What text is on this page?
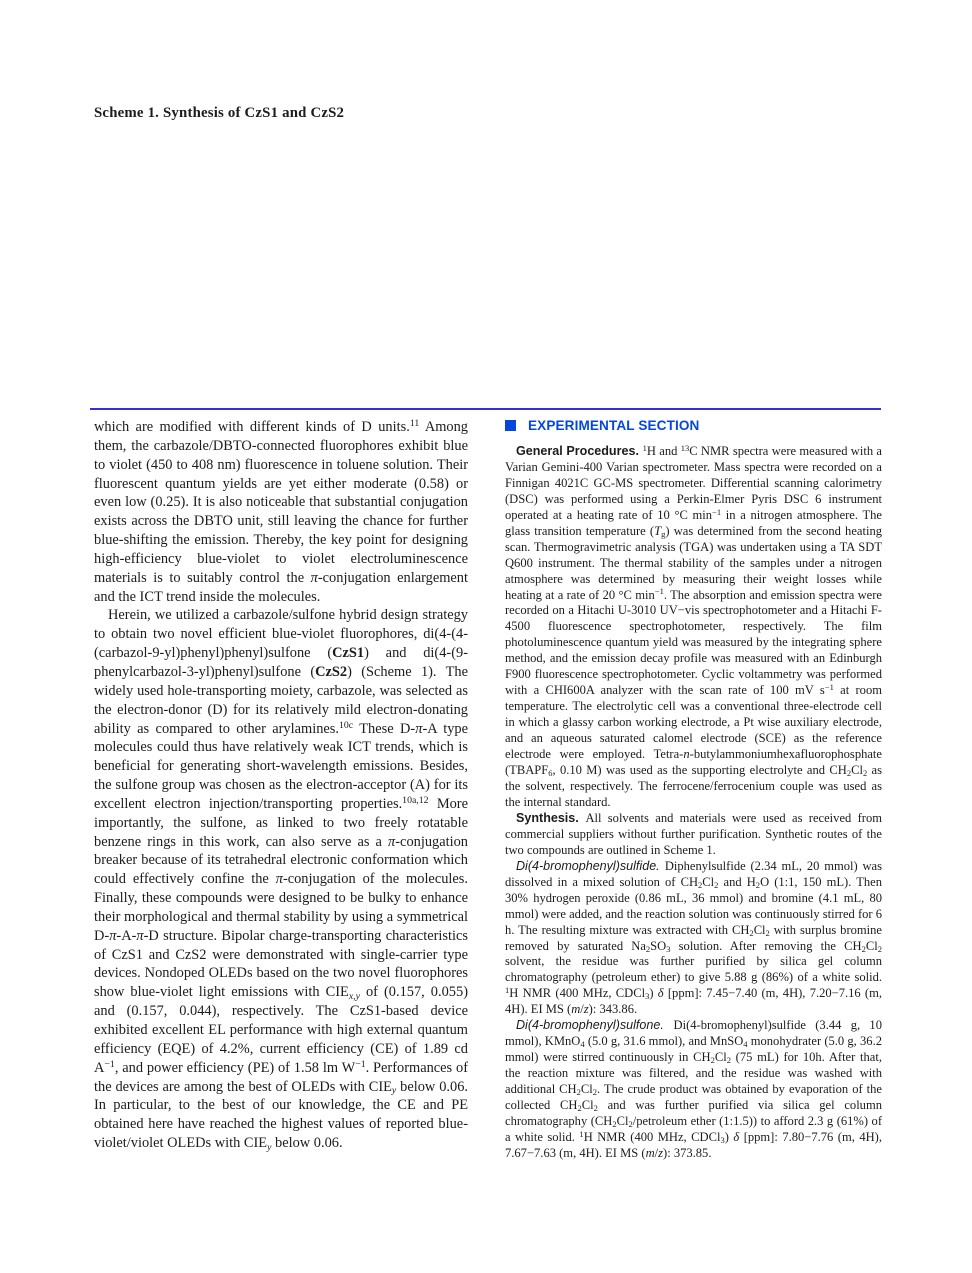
Scheme 1. Synthesis of CzS1 and CzS2

which are modified with different kinds of D units.$^{11}$ Among them, the carbazole/DBTO-connected fluorophores exhibit blue to violet (450 to 408 nm) fluorescence in toluene solution. Their fluorescent quantum yields are yet either moderate (0.58) or even low (0.25). It is also noticeable that substantial conjugation exists across the DBTO unit, still leaving the chance for further blue-shifting the emission. Thereby, the key point for designing high-efficiency blue-violet to violet electroluminescence materials is to suitably control the π-conjugation enlargement and the ICT trend inside the molecules.

Herein, we utilized a carbazole/sulfone hybrid design strategy to obtain two novel efficient blue-violet fluorophores, di(4-(4-(carbazol-9-yl)phenyl)phenyl)sulfone (CzS1) and di(4-(9-phenylcarbazol-3-yl)phenyl)sulfone (CzS2) (Scheme 1). The widely used hole-transporting moiety, carbazole, was selected as the electron-donor (D) for its relatively mild electron-donating ability as compared to other arylamines.$^{10c}$ These D-π-A type molecules could thus have relatively weak ICT trends, which is beneficial for generating short-wavelength emissions. Besides, the sulfone group was chosen as the electron-acceptor (A) for its excellent electron injection/transporting properties.$^{10a,12}$ More importantly, the sulfone, as linked to two freely rotatable benzene rings in this work, can also serve as a π-conjugation breaker because of its tetrahedral electronic conformation which could effectively confine the π-conjugation of the molecules. Finally, these compounds were designed to be bulky to enhance their morphological and thermal stability by using a symmetrical D-π-A-π-D structure. Bipolar charge-transporting characteristics of CzS1 and CzS2 were demonstrated with single-carrier type devices. Nondoped OLEDs based on the two novel fluorophores show blue-violet light emissions with $CIE_{x,y}$ of (0.157, 0.055) and (0.157, 0.044), respectively. The CzS1-based device exhibited excellent EL performance with high external quantum efficiency (EQE) of 4.2%, current efficiency (CE) of 1.89 cd $A^{-1}$, and power efficiency (PE) of 1.58 lm $W^{-1}$. Performances of the devices are among the best of OLEDs with $CIE_y$ below 0.06. In particular, to the best of our knowledge, the CE and PE obtained here have reached the highest values of reported blue-violet/violet OLEDs with $CIE_y$ below 0.06.

EXPERIMENTAL SECTION

General Procedures. $^1$H and $^{13}$C NMR spectra were measured with a Varian Gemini-400 Varian spectrometer. Mass spectra were recorded on a Finnigan 4021C GC-MS spectrometer. Differential scanning calorimetry (DSC) was performed using a Perkin-Elmer Pyris DSC 6 instrument operated at a heating rate of 10 °C $\min^{-1}$ in a nitrogen atmosphere. The glass transition temperature $(T_g)$ was determined from the second heating scan. Thermogravimetric analysis (TGA) was undertaken using a TA SDT Q600 instrument. The thermal stability of the samples under a nitrogen atmosphere was determined by measuring their weight losses while heating at a rate of 20 °C $\min^{-1}$. The absorption and emission spectra were recorded on a Hitachi U-3010 UV−vis spectrophotometer and a Hitachi F-4500 fluorescence spectrophotometer, respectively. The film photoluminescence quantum yield was measured by the integrating sphere method, and the emission decay profile was measured with an Edinburgh F900 fluorescence spectrophotometer. Cyclic voltammetry was performed with a CHI600A analyzer with the scan rate of 100 mV $s^{-1}$ at room temperature. The electrolytic cell was a conventional three-electrode cell in which a glassy carbon working electrode, a Pt wise auxiliary electrode, and an aqueous saturated calomel electrode (SCE) as the reference electrode were employed. Tetra-n-butylammoniumhexafluorophosphate ($TBAPF_6$, 0.10 M) was used as the supporting electrolyte and $CH_2Cl_2$ as the solvent, respectively. The ferrocene/ferrocenium couple was used as the internal standard.

Synthesis. All solvents and materials were used as received from commercial suppliers without further purification. Synthetic routes of the two compounds are outlined in Scheme 1.

Di(4-bromophenyl)sulfide. Diphenylsulfide (2.34 mL, 20 mmol) was dissolved in a mixed solution of $CH_2Cl_2$ and $H_2O$ (1:1, 150 mL). Then 30% hydrogen peroxide (0.86 mL, 36 mmol) and bromine (4.1 mL, 80 mmol) were added, and the reaction solution was continuously stirred for 6 h. The resulting mixture was extracted with $CH_2Cl_2$ with surplus bromine removed by saturated $Na_2SO_3$ solution. After removing the $CH_2Cl_2$ solvent, the residue was further purified by silica gel column chromatography (petroleum ether) to give 5.88 g (86%) of a white solid. $^1$H NMR (400 MHz, CDCl$_3$) δ [ppm]: 7.45−7.40 (m, 4H), 7.20−7.16 (m, 4H). EI MS (m/z): 343.86.

Di(4-bromophenyl)sulfone. Di(4-bromophenyl)sulfide (3.44 g, 10 mmol), KMnO$_4$ (5.0 g, 31.6 mmol), and MnSO$_4$ monohydrater (5.0 g, 36.2 mmol) were stirred continuously in $CH_2Cl_2$ (75 mL) for 10h. After that, the reaction mixture was filtered, and the residue was washed with additional $CH_2Cl_2$. The crude product was obtained by evaporation of the collected $CH_2Cl_2$ and was further purified via silica gel column chromatography ($CH_2Cl_2$/petroleum ether (1:1.5)) to afford 2.3 g (61%) of a white solid. $^1$H NMR (400 MHz, CDCl$_3$) δ [ppm]: 7.80−7.76 (m, 4H), 7.67−7.63 (m, 4H). EI MS (m/z): 373.85.
